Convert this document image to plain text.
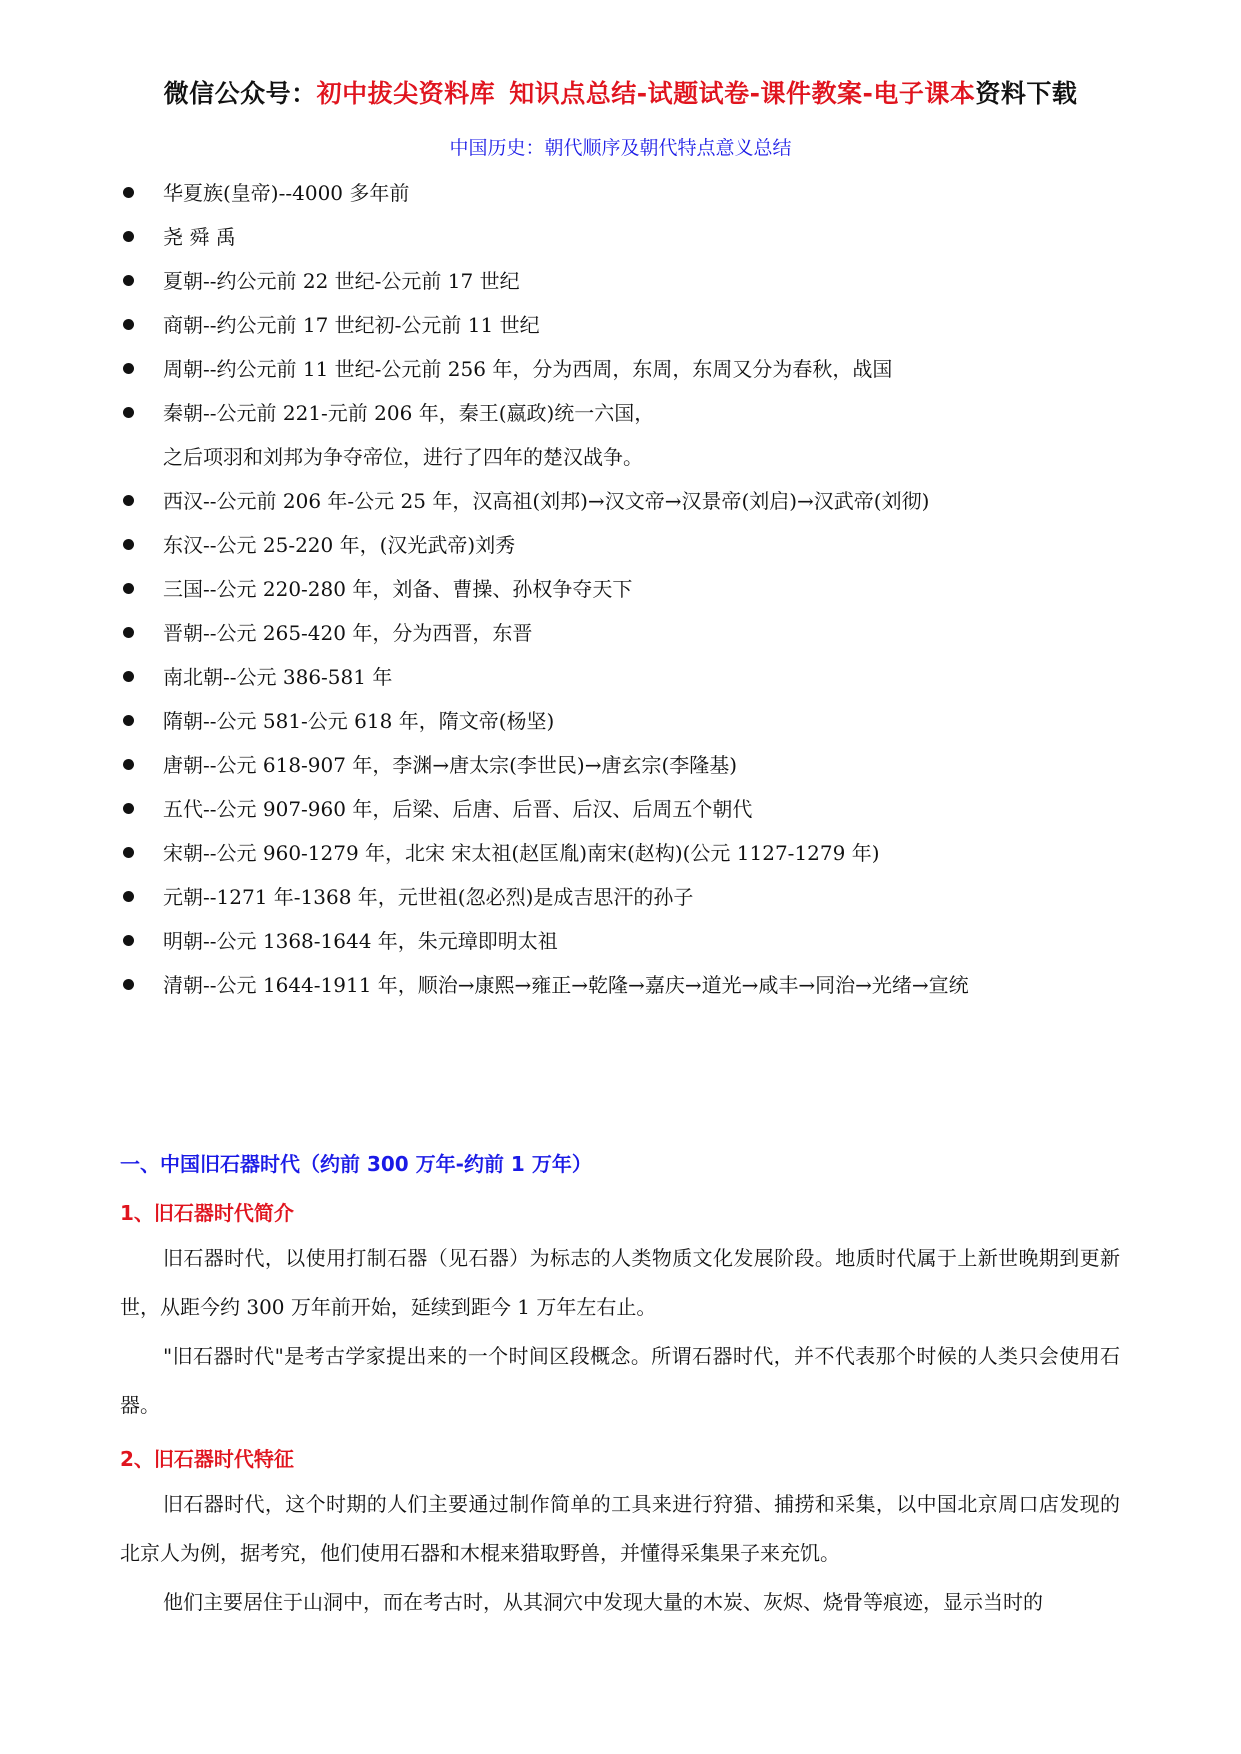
微信公众号：初中拔尖资料库 知识点总结-试题试卷-课件教案-电子课本资料下载
中国历史：朝代顺序及朝代特点意义总结
华夏族(皇帝)--4000 多年前
尧 舜 禹
夏朝--约公元前 22 世纪-公元前 17 世纪
商朝--约公元前 17 世纪初-公元前 11 世纪
周朝--约公元前 11 世纪-公元前 256 年，分为西周，东周，东周又分为春秋，战国
秦朝--公元前 221-元前 206 年，秦王(嬴政)统一六国，
之后项羽和刘邦为争夺帝位，进行了四年的楚汉战争。
西汉--公元前 206 年-公元 25 年，汉高祖(刘邦)→汉文帝→汉景帝(刘启)→汉武帝(刘彻)
东汉--公元 25-220 年，(汉光武帝)刘秀
三国--公元 220-280 年，刘备、曹操、孙权争夺天下
晋朝--公元 265-420 年，分为西晋，东晋
南北朝--公元 386-581 年
隋朝--公元 581-公元 618 年，隋文帝(杨坚)
唐朝--公元 618-907 年，李渊→唐太宗(李世民)→唐玄宗(李隆基)
五代--公元 907-960 年，后梁、后唐、后晋、后汉、后周五个朝代
宋朝--公元 960-1279 年，北宋 宋太祖(赵匡胤)南宋(赵构)(公元 1127-1279 年)
元朝--1271 年-1368 年，元世祖(忽必烈)是成吉思汗的孙子
明朝--公元 1368-1644 年，朱元璋即明太祖
清朝--公元 1644-1911 年，顺治→康熙→雍正→乾隆→嘉庆→道光→咸丰→同治→光绪→宣统
一、中国旧石器时代（约前 300 万年-约前 1 万年）
1、旧石器时代简介

旧石器时代，以使用打制石器（见石器）为标志的人类物质文化发展阶段。地质时代属于上新世晚期到更新世，从距今约 300 万年前开始，延续到距今 1 万年左右止。

"旧石器时代"是考古学家提出来的一个时间区段概念。所谓石器时代，并不代表那个时候的人类只会使用石器。

2、旧石器时代特征

旧石器时代，这个时期的人们主要通过制作简单的工具来进行狩猎、捕捞和采集，以中国北京周口店发现的北京人为例，据考究，他们使用石器和木棍来猎取野兽，并懂得采集果子来充饥。

他们主要居住于山洞中，而在考古时，从其洞穴中发现大量的木炭、灰烬、烧骨等痕迹，显示当时的
